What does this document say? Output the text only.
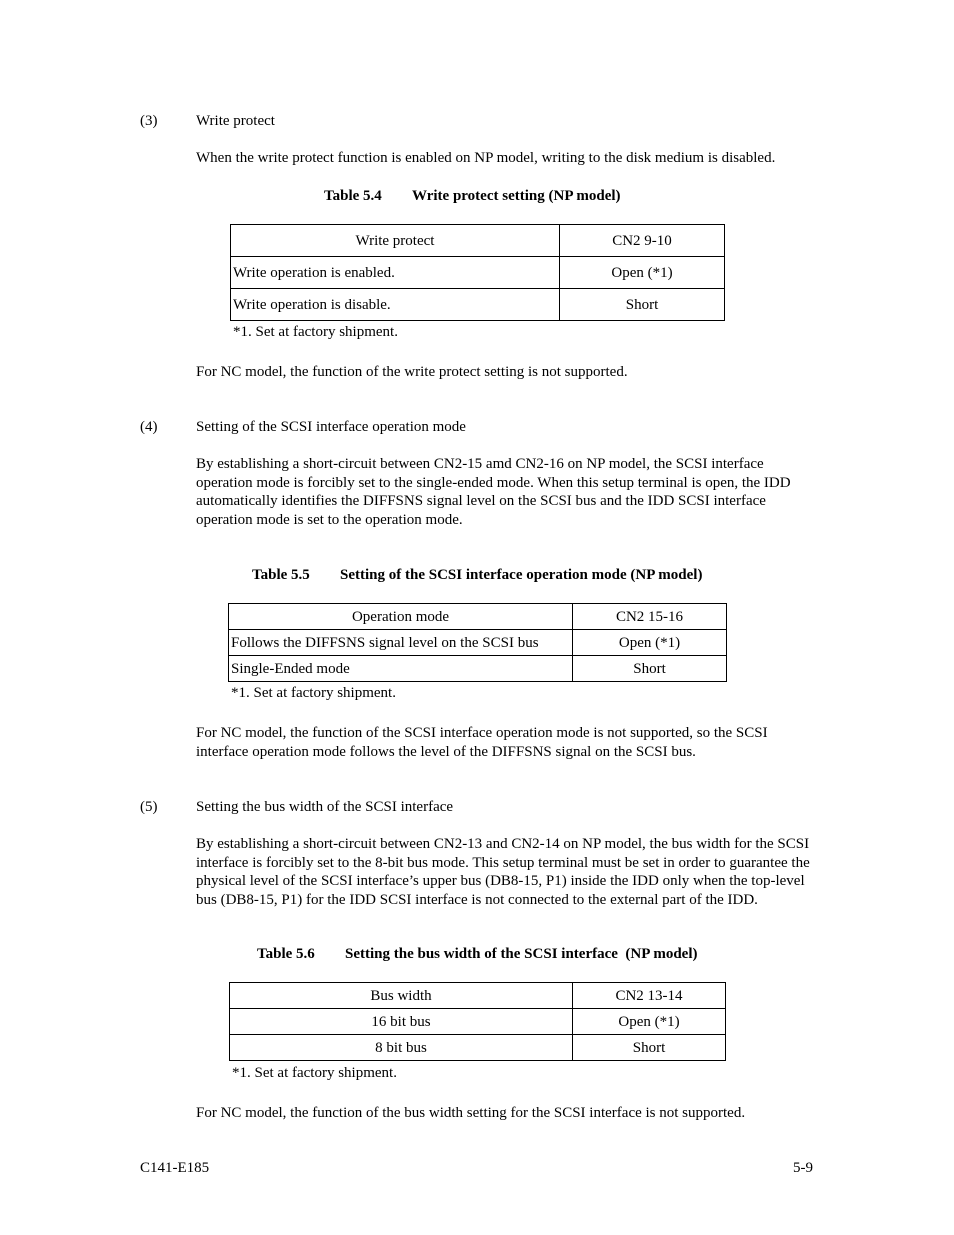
(3)	Write protect
When the write protect function is enabled on NP model, writing to the disk medium is disabled.
Table 5.4 Write protect setting (NP model)
Write protect	CN2 9-10
Write operation is enabled.	Open (*1)
Write operation is disable.	Short
*1. Set at factory shipment.
For NC model, the function of the write protect setting is not supported.
(4)	Setting of the SCSI interface operation mode
By establishing a short-circuit between CN2-15 amd CN2-16 on NP model, the SCSI interface operation mode is forcibly set to the single-ended mode. When this setup terminal is open, the IDD automatically identifies the DIFFSNS signal level on the SCSI bus and the IDD SCSI interface operation mode is set to the operation mode.
Table 5.5 Setting of the SCSI interface operation mode (NP model)
Operation mode	CN2 15-16
Follows the DIFFSNS signal level on the SCSI bus	Open (*1)
Single-Ended mode	Short
*1. Set at factory shipment.
For NC model, the function of the SCSI interface operation mode is not supported, so the SCSI interface operation mode follows the level of the DIFFSNS signal on the SCSI bus.
(5)	Setting the bus width of the SCSI interface
By establishing a short-circuit between CN2-13 and CN2-14 on NP model, the bus width for the SCSI interface is forcibly set to the 8-bit bus mode. This setup terminal must be set in order to guarantee the physical level of the SCSI interface’s upper bus (DB8-15, P1) inside the IDD only when the top-level bus (DB8-15, P1) for the IDD SCSI interface is not connected to the external part of the IDD.
Table 5.6 Setting the bus width of the SCSI interface  (NP model)
Bus width	CN2 13-14
16 bit bus	Open (*1)
8 bit bus	Short
*1. Set at factory shipment.
For NC model, the function of the bus width setting for the SCSI interface is not supported.
C141-E185	5-9
